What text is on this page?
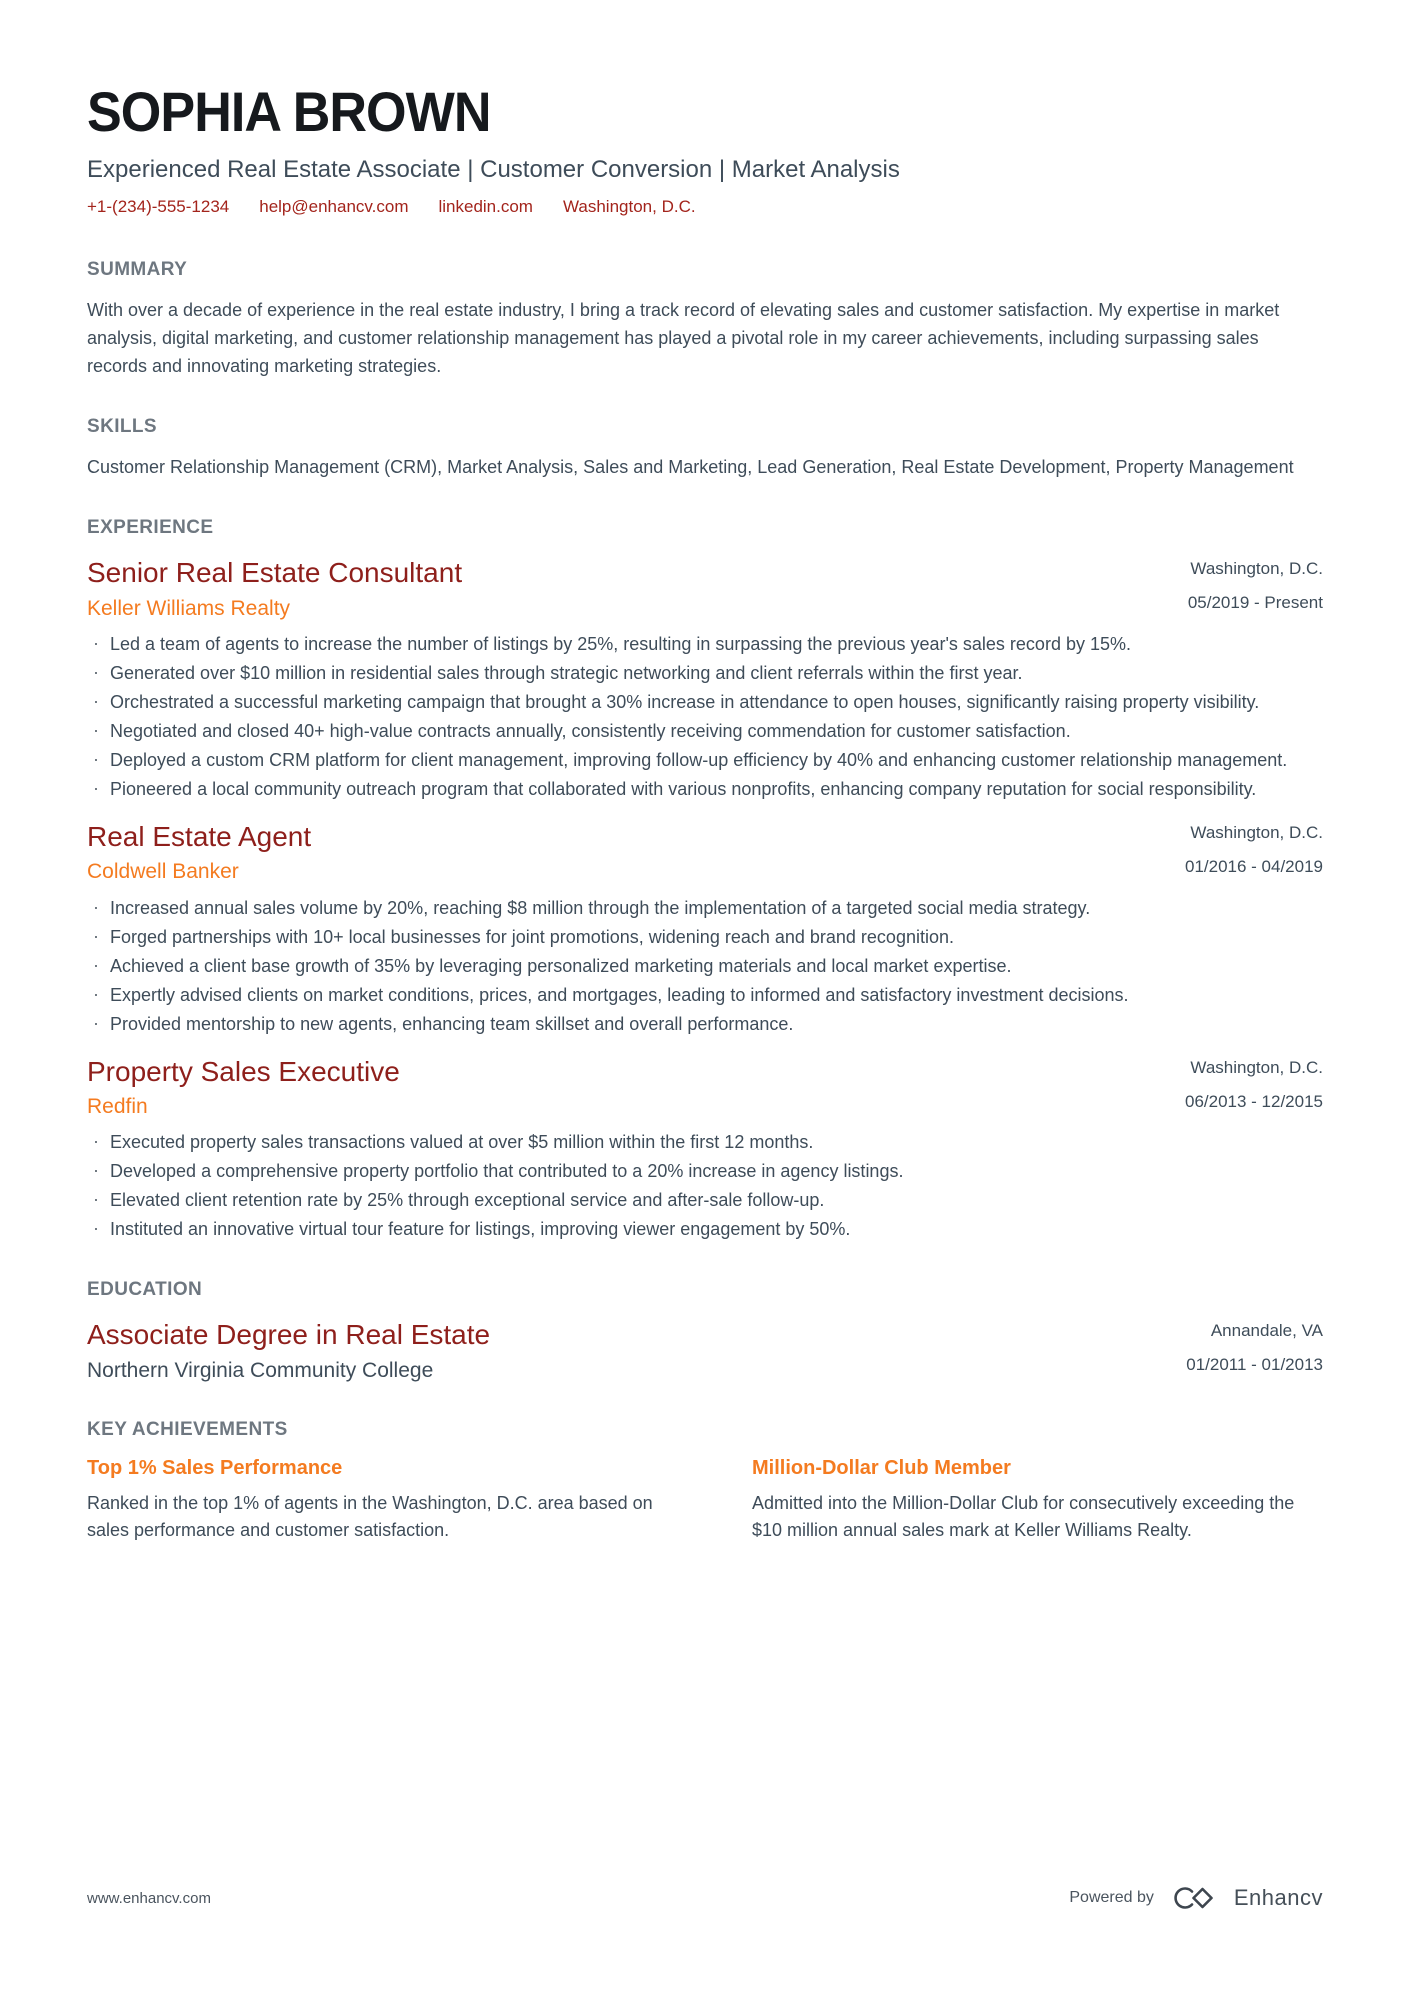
SOPHIA BROWN
Experienced Real Estate Associate | Customer Conversion | Market Analysis
+1-(234)-555-1234 help@enhancv.com linkedin.com Washington, D.C.
SUMMARY

With over a decade of experience in the real estate industry, I bring a track record of elevating sales and customer satisfaction. My expertise in market analysis, digital marketing, and customer relationship management has played a pivotal role in my career achievements, including surpassing sales records and innovating marketing strategies.

SKILLS

Customer Relationship Management (CRM), Market Analysis, Sales and Marketing, Lead Generation, Real Estate Development, Property Management

EXPERIENCE
Senior Real Estate Consultant
Keller Williams Realty
Washington, D.C.
05/2019 - Present
· Led a team of agents to increase the number of listings by 25%, resulting in surpassing the previous year's sales record by 15%.
· Generated over $10 million in residential sales through strategic networking and client referrals within the first year.
· Orchestrated a successful marketing campaign that brought a 30% increase in attendance to open houses, significantly raising property visibility.
· Negotiated and closed 40+ high-value contracts annually, consistently receiving commendation for customer satisfaction.
· Deployed a custom CRM platform for client management, improving follow-up efficiency by 40% and enhancing customer relationship management.
· Pioneered a local community outreach program that collaborated with various nonprofits, enhancing company reputation for social responsibility.
Real Estate Agent
Coldwell Banker
Washington, D.C.
01/2016 - 04/2019
· Increased annual sales volume by 20%, reaching $8 million through the implementation of a targeted social media strategy.
· Forged partnerships with 10+ local businesses for joint promotions, widening reach and brand recognition.
· Achieved a client base growth of 35% by leveraging personalized marketing materials and local market expertise.
· Expertly advised clients on market conditions, prices, and mortgages, leading to informed and satisfactory investment decisions.
· Provided mentorship to new agents, enhancing team skillset and overall performance.
Property Sales Executive
Redfin
Washington, D.C.
06/2013 - 12/2015
· Executed property sales transactions valued at over $5 million within the first 12 months.
· Developed a comprehensive property portfolio that contributed to a 20% increase in agency listings.
· Elevated client retention rate by 25% through exceptional service and after-sale follow-up.
· Instituted an innovative virtual tour feature for listings, improving viewer engagement by 50%.
EDUCATION
Associate Degree in Real Estate
Northern Virginia Community College
Annandale, VA
01/2011 - 01/2013
KEY ACHIEVEMENTS
Top 1% Sales Performance
Ranked in the top 1% of agents in the Washington, D.C. area based on sales performance and customer satisfaction.
Million-Dollar Club Member
Admitted into the Million-Dollar Club for consecutively exceeding the $10 million annual sales mark at Keller Williams Realty.
www.enhancv.com	Powered by	Enhancv
